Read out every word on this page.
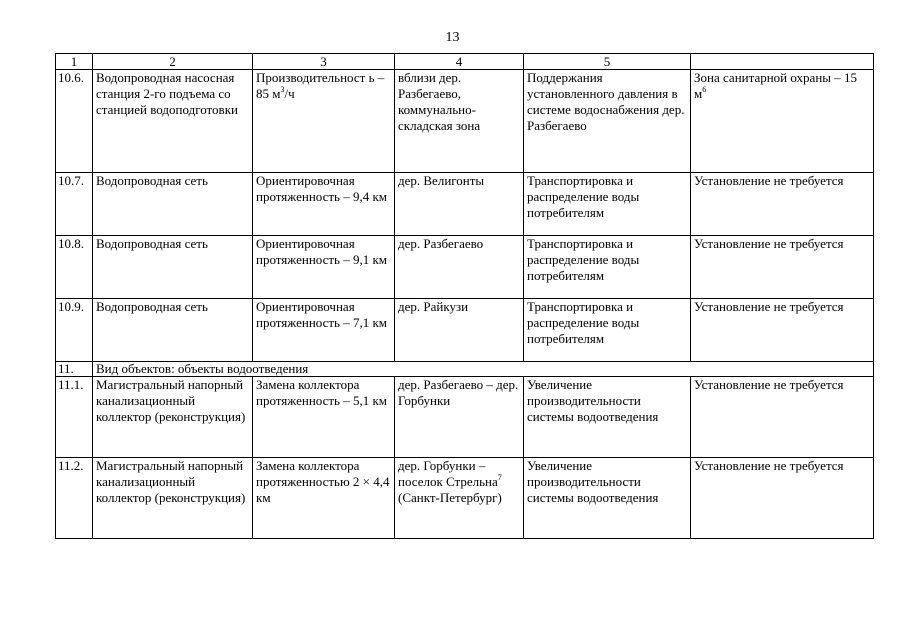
13
1	2	3	4	5	
10.6.	Водопроводная насосная станция 2-го подъема со станцией водоподготовки	Производительност ь – 85 $м^3/ч$	вблизи дер. Разбегаево, коммунально-складская зона	Поддержания установленного давления в системе водоснабжения дер. Разбегаево	Зона санитарной охраны – 15 $м^6$
10.7.	Водопроводная сеть	Ориентировочная протяженность – 9,4 км	дер. Велигонты	Транспортировка и распределение воды потребителям	Установление не требуется
10.8.	Водопроводная сеть	Ориентировочная протяженность – 9,1 км	дер. Разбегаево	Транспортировка и распределение воды потребителям	Установление не требуется
10.9.	Водопроводная сеть	Ориентировочная протяженность – 7,1 км	дер. Райкузи	Транспортировка и распределение воды потребителям	Установление не требуется
11.	Вид объектов: объекты водоотведения				
11.1.	Магистральный напорный канализационный коллектор (реконструкция)	Замена коллектора протяженность – 5,1 км	дер. Разбегаево – дер. Горбунки	Увеличение производительности системы водоотведения	Установление не требуется
11.2.	Магистральный напорный канализационный коллектор (реконструкция)	Замена коллектора протяженностью 2 × 4,4 км	дер. Горбунки – поселок Стрельна$^7$ (Санкт-Петербург)	Увеличение производительности системы водоотведения	Установление не требуется
